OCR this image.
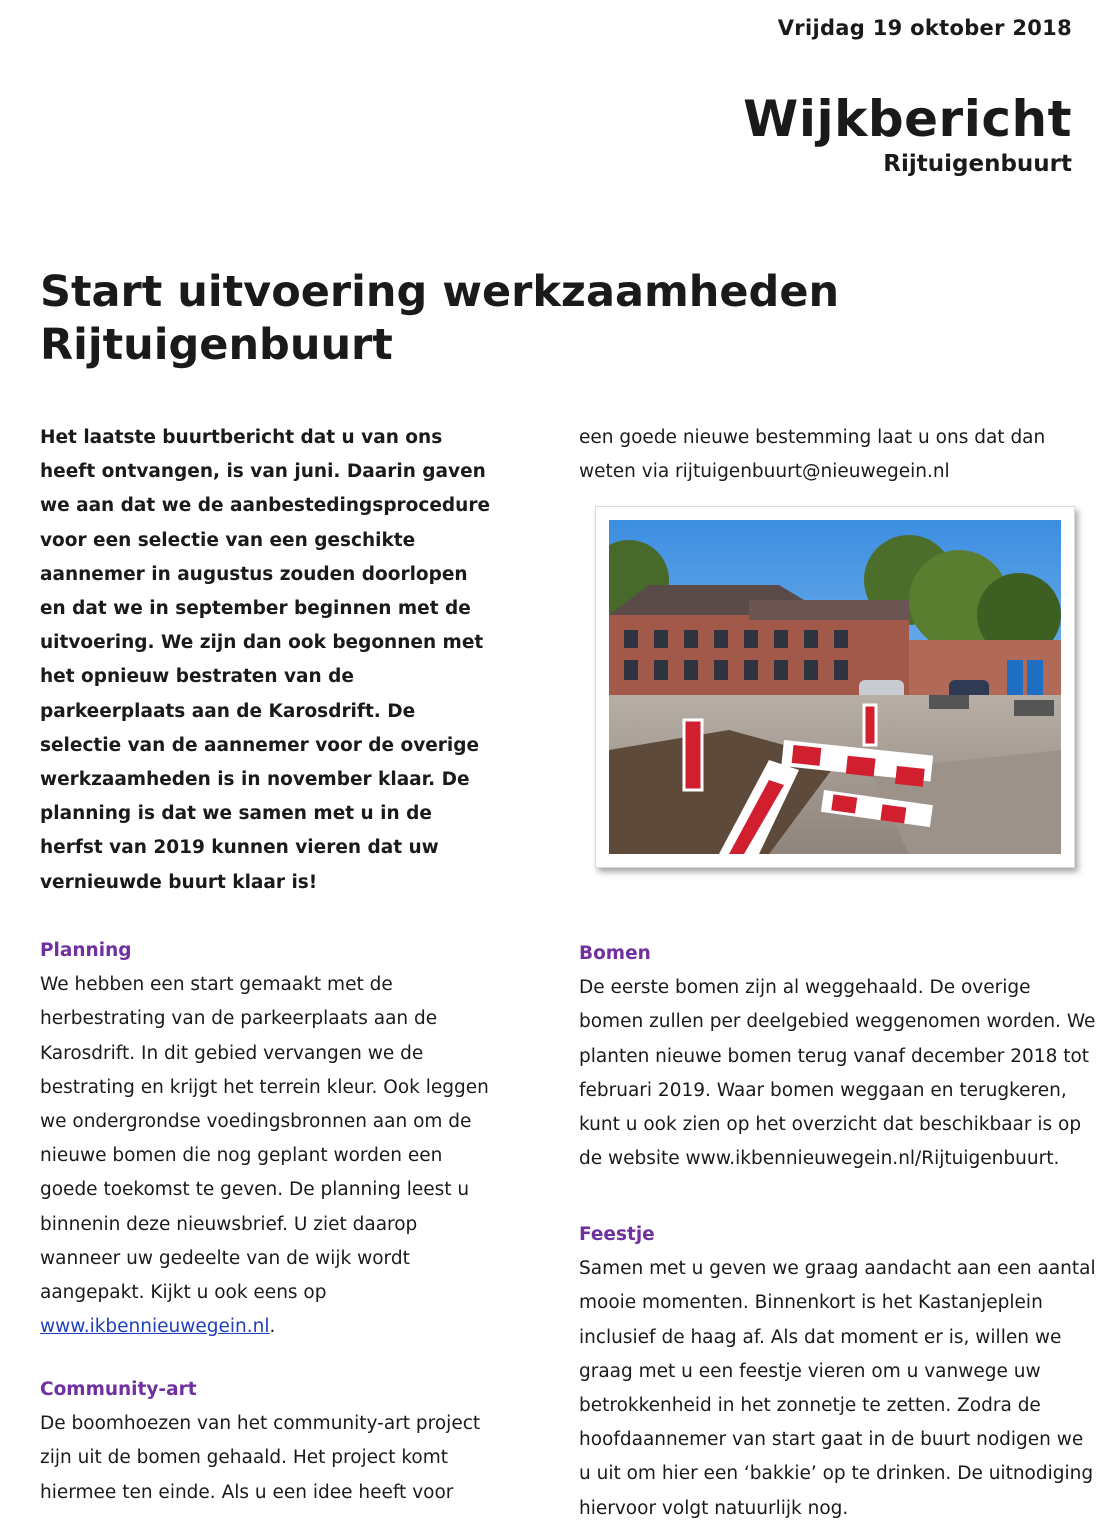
Vrijdag 19 oktober 2018
Wijkbericht
Rijtuigenbuurt
Start uitvoering werkzaamheden
Rijtuigenbuurt
Het laatste buurtbericht dat u van ons
heeft ontvangen, is van juni. Daarin gaven
we aan dat we de aanbestedingsprocedure
voor een selectie van een geschikte
aannemer in augustus zouden doorlopen
en dat we in september beginnen met de
uitvoering. We zijn dan ook begonnen met
het opnieuw bestraten van de
parkeerplaats aan de Karosdrift. De
selectie van de aannemer voor de overige
werkzaamheden is in november klaar. De
planning is dat we samen met u in de
herfst van 2019 kunnen vieren dat uw
vernieuwde buurt klaar is!
Planning
We hebben een start gemaakt met de
herbestrating van de parkeerplaats aan de
Karosdrift. In dit gebied vervangen we de
bestrating en krijgt het terrein kleur. Ook leggen
we ondergrondse voedingsbronnen aan om de
nieuwe bomen die nog geplant worden een
goede toekomst te geven. De planning leest u
binnenin deze nieuwsbrief. U ziet daarop
wanneer uw gedeelte van de wijk wordt
aangepakt. Kijkt u ook eens op
www.ikbennieuwegein.nl.
Community-art
De boomhoezen van het community-art project
zijn uit de bomen gehaald. Het project komt
hiermee ten einde. Als u een idee heeft voor
een goede nieuwe bestemming laat u ons dat dan
weten via rijtuigenbuurt@nieuwegein.nl
Bomen
De eerste bomen zijn al weggehaald. De overige
bomen zullen per deelgebied weggenomen worden. We
planten nieuwe bomen terug vanaf december 2018 tot
februari 2019. Waar bomen weggaan en terugkeren,
kunt u ook zien op het overzicht dat beschikbaar is op
de website www.ikbennieuwegein.nl/Rijtuigenbuurt.
Feestje
Samen met u geven we graag aandacht aan een aantal
mooie momenten. Binnenkort is het Kastanjeplein
inclusief de haag af. Als dat moment er is, willen we
graag met u een feestje vieren om u vanwege uw
betrokkenheid in het zonnetje te zetten. Zodra de
hoofdaannemer van start gaat in de buurt nodigen we
u uit om hier een ‘bakkie’ op te drinken. De uitnodiging
hiervoor volgt natuurlijk nog.
